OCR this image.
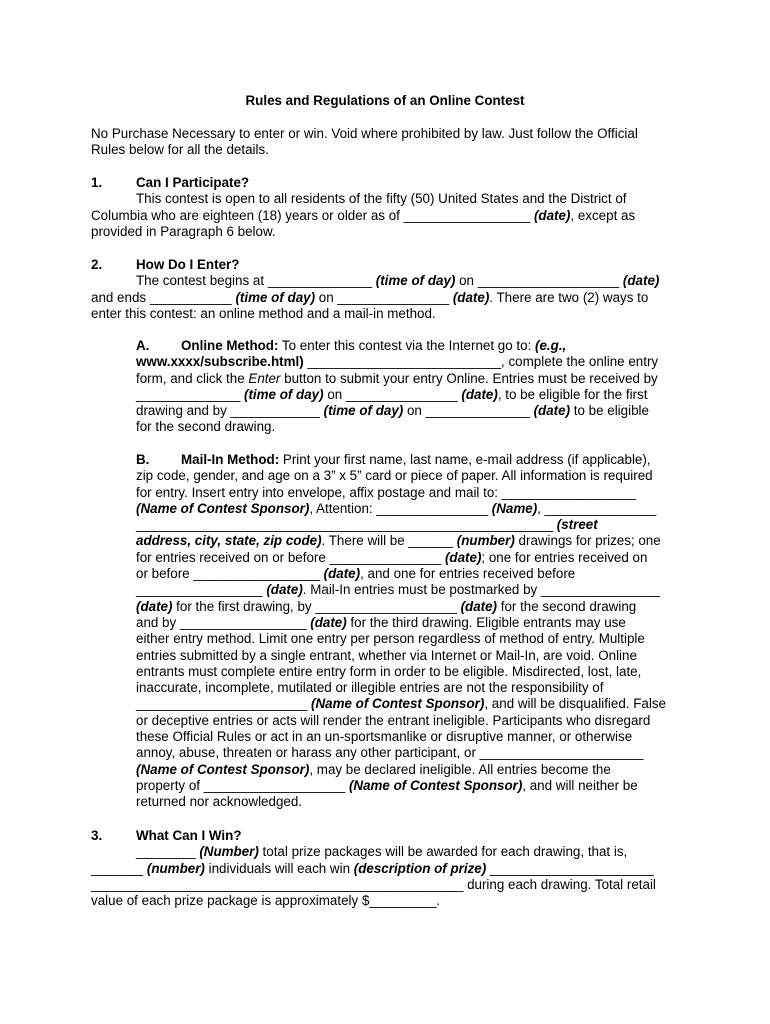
Rules and Regulations of an Online Contest
No Purchase Necessary to enter or win. Void where prohibited by law. Just follow the Official
Rules below for all the details.
1.	Can I Participate?
This contest is open to all residents of the fifty (50) United States and the District of
Columbia who are eighteen (18) years or older as of _________________ (date), except as
provided in Paragraph 6 below.
2.	How Do I Enter?
The contest begins at ______________ (time of day) on ___________________ (date)
and ends ___________ (time of day) on _______________ (date). There are two (2) ways to
enter this contest: an online method and a mail-in method.
A. Online Method: To enter this contest via the Internet go to: (e.g.,
www.xxxx/subscribe.html) __________________________, complete the online entry
form, and click the Enter button to submit your entry Online. Entries must be received by
______________ (time of day) on _______________ (date), to be eligible for the first
drawing and by ____________ (time of day) on ______________ (date) to be eligible
for the second drawing.
B. Mail-In Method: Print your first name, last name, e-mail address (if applicable),
zip code, gender, and age on a 3” x 5” card or piece of paper. All information is required
for entry. Insert entry into envelope, affix postage and mail to: __________________
(Name of Contest Sponsor), Attention: _______________ (Name), _______________
________________________________________________________ (street
address, city, state, zip code). There will be ______ (number) drawings for prizes; one
for entries received on or before _______________ (date); one for entries received on
or before _________________ (date), and one for entries received before
_________________ (date). Mail-In entries must be postmarked by ________________
(date) for the first drawing, by ___________________ (date) for the second drawing
and by _________________ (date) for the third drawing. Eligible entrants may use
either entry method. Limit one entry per person regardless of method of entry. Multiple
entries submitted by a single entrant, whether via Internet or Mail-In, are void. Online
entrants must complete entire entry form in order to be eligible. Misdirected, lost, late,
inaccurate, incomplete, mutilated or illegible entries are not the responsibility of
_______________________ (Name of Contest Sponsor), and will be disqualified. False
or deceptive entries or acts will render the entrant ineligible. Participants who disregard
these Official Rules or act in an un-sportsmanlike or disruptive manner, or otherwise
annoy, abuse, threaten or harass any other participant, or ______________________
(Name of Contest Sponsor), may be declared ineligible. All entries become the
property of ___________________ (Name of Contest Sponsor), and will neither be
returned nor acknowledged.
3.	What Can I Win?
________ (Number) total prize packages will be awarded for each drawing, that is,
_______ (number) individuals will each win (description of prize) ______________________
__________________________________________________ during each drawing. Total retail
value of each prize package is approximately $_________.
